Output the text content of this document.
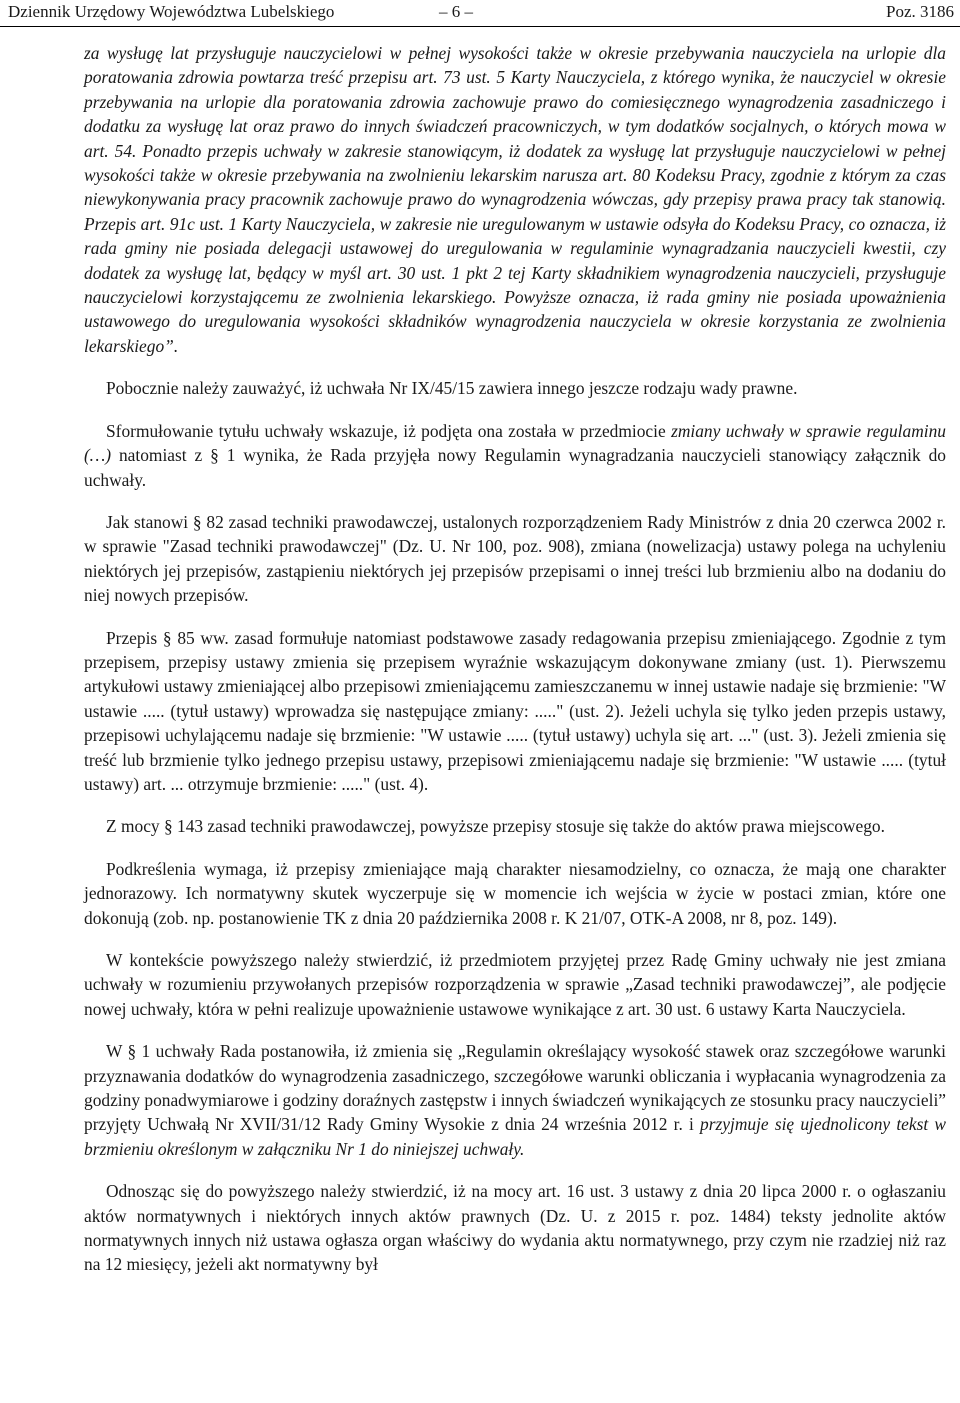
Dziennik Urzędowy Województwa Lubelskiego	– 6 –	Poz. 3186

za wysługę lat przysługuje nauczycielowi w pełnej wysokości także w okresie przebywania nauczyciela na urlopie dla poratowania zdrowia powtarza treść przepisu art. 73 ust. 5 Karty Nauczyciela, z którego wynika, że nauczyciel w okresie przebywania na urlopie dla poratowania zdrowia zachowuje prawo do comiesięcznego wynagrodzenia zasadniczego i dodatku za wysługę lat oraz prawo do innych świadczeń pracowniczych, w tym dodatków socjalnych, o których mowa w art. 54. Ponadto przepis uchwały w zakresie stanowiącym, iż dodatek za wysługę lat przysługuje nauczycielowi w pełnej wysokości także w okresie przebywania na zwolnieniu lekarskim narusza art. 80 Kodeksu Pracy, zgodnie z którym za czas niewykonywania pracy pracownik zachowuje prawo do wynagrodzenia wówczas, gdy przepisy prawa pracy tak stanowią. Przepis art. 91c ust. 1 Karty Nauczyciela, w zakresie nie uregulowanym w ustawie odsyła do Kodeksu Pracy, co oznacza, iż rada gminy nie posiada delegacji ustawowej do uregulowania w regulaminie wynagradzania nauczycieli kwestii, czy dodatek za wysługę lat, będący w myśl art. 30 ust. 1 pkt 2 tej Karty składnikiem wynagrodzenia nauczycieli, przysługuje nauczycielowi korzystającemu ze zwolnienia lekarskiego. Powyższe oznacza, iż rada gminy nie posiada upoważnienia ustawowego do uregulowania wysokości składników wynagrodzenia nauczyciela w okresie korzystania ze zwolnienia lekarskiego”.

Pobocznie należy zauważyć, iż uchwała Nr IX/45/15 zawiera innego jeszcze rodzaju wady prawne.

Sformułowanie tytułu uchwały wskazuje, iż podjęta ona została w przedmiocie zmiany uchwały w sprawie regulaminu (…) natomiast z § 1 wynika, że Rada przyjęła nowy Regulamin wynagradzania nauczycieli stanowiący załącznik do uchwały.

Jak stanowi § 82 zasad techniki prawodawczej, ustalonych rozporządzeniem Rady Ministrów z dnia 20 czerwca 2002 r. w sprawie "Zasad techniki prawodawczej" (Dz. U. Nr 100, poz. 908), zmiana (nowelizacja) ustawy polega na uchyleniu niektórych jej przepisów, zastąpieniu niektórych jej przepisów przepisami o innej treści lub brzmieniu albo na dodaniu do niej nowych przepisów.

Przepis § 85 ww. zasad formułuje natomiast podstawowe zasady redagowania przepisu zmieniającego. Zgodnie z tym przepisem, przepisy ustawy zmienia się przepisem wyraźnie wskazującym dokonywane zmiany (ust. 1). Pierwszemu artykułowi ustawy zmieniającej albo przepisowi zmieniającemu zamieszczanemu w innej ustawie nadaje się brzmienie: "W ustawie ..... (tytuł ustawy) wprowadza się następujące zmiany: ....." (ust. 2). Jeżeli uchyla się tylko jeden przepis ustawy, przepisowi uchylającemu nadaje się brzmienie: "W ustawie ..... (tytuł ustawy) uchyla się art. ..." (ust. 3). Jeżeli zmienia się treść lub brzmienie tylko jednego przepisu ustawy, przepisowi zmieniającemu nadaje się brzmienie: "W ustawie ..... (tytuł ustawy) art. ... otrzymuje brzmienie: ....." (ust. 4).

Z mocy § 143 zasad techniki prawodawczej, powyższe przepisy stosuje się także do aktów prawa miejscowego.

Podkreślenia wymaga, iż przepisy zmieniające mają charakter niesamodzielny, co oznacza, że mają one charakter jednorazowy. Ich normatywny skutek wyczerpuje się w momencie ich wejścia w życie w postaci zmian, które one dokonują (zob. np. postanowienie TK z dnia 20 października 2008 r. K 21/07, OTK-A 2008, nr 8, poz. 149).

W kontekście powyższego należy stwierdzić, iż przedmiotem przyjętej przez Radę Gminy uchwały nie jest zmiana uchwały w rozumieniu przywołanych przepisów rozporządzenia w sprawie „Zasad techniki prawodawczej”, ale podjęcie nowej uchwały, która w pełni realizuje upoważnienie ustawowe wynikające z art. 30 ust. 6 ustawy Karta Nauczyciela.

W § 1 uchwały Rada postanowiła, iż zmienia się „Regulamin określający wysokość stawek oraz szczegółowe warunki przyznawania dodatków do wynagrodzenia zasadniczego, szczegółowe warunki obliczania i wypłacania wynagrodzenia za godziny ponadwymiarowe i godziny doraźnych zastępstw i innych świadczeń wynikających ze stosunku pracy nauczycieli” przyjęty Uchwałą Nr XVII/31/12 Rady Gminy Wysokie z dnia 24 września 2012 r. i przyjmuje się ujednolicony tekst w brzmieniu określonym w załączniku Nr 1 do niniejszej uchwały.

Odnosząc się do powyższego należy stwierdzić, iż na mocy art. 16 ust. 3 ustawy z dnia 20 lipca 2000 r. o ogłaszaniu aktów normatywnych i niektórych innych aktów prawnych (Dz. U. z 2015 r. poz. 1484) teksty jednolite aktów normatywnych innych niż ustawa ogłasza organ właściwy do wydania aktu normatywnego, przy czym nie rzadziej niż raz na 12 miesięcy, jeżeli akt normatywny był
